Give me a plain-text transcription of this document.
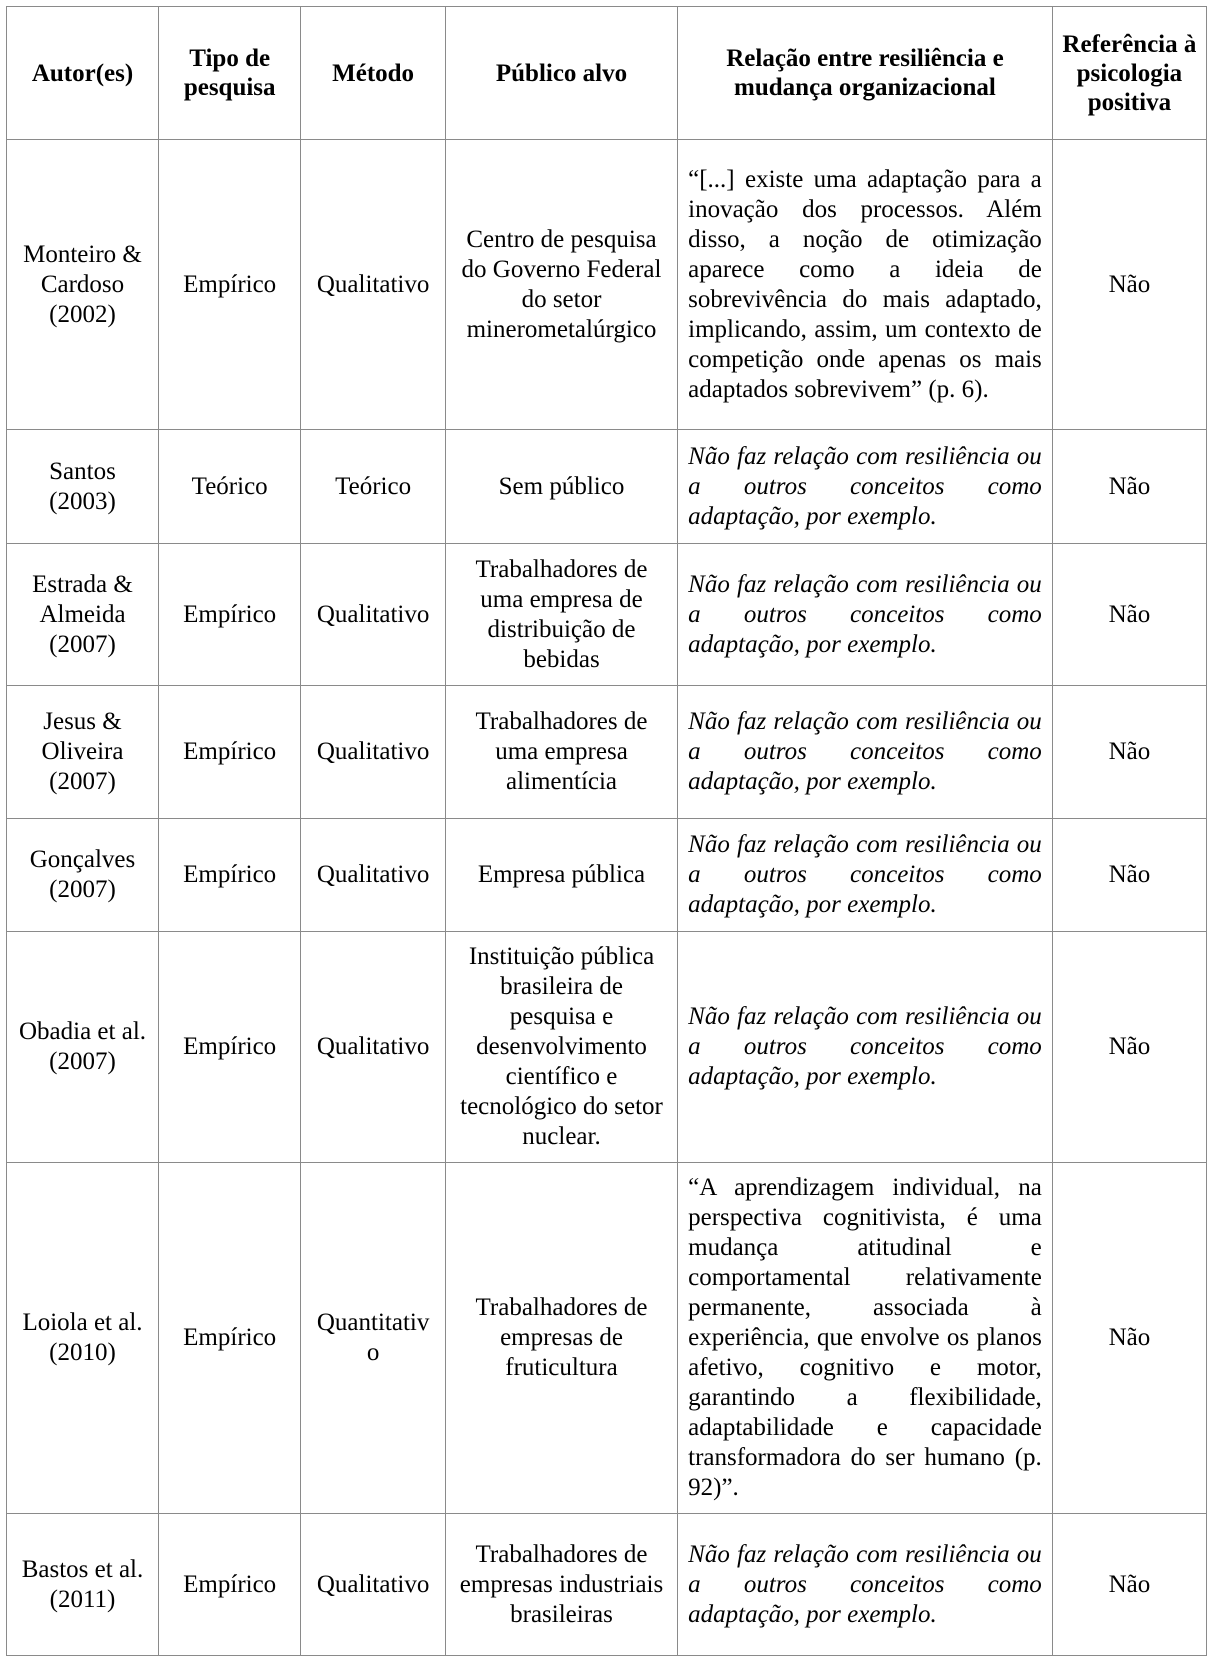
Autor(es)	Tipo de pesquisa	Método	Público alvo	Relação entre resiliência e mudança organizacional	Referência à psicologia positiva
Monteiro & Cardoso (2002)	Empírico	Qualitativo	Centro de pesquisa do Governo Federal do setor minerometalúrgico	“[...] existe uma adaptação para a inovação dos processos. Além disso, a noção de otimização aparece como a ideia de sobrevivência do mais adaptado, implicando, assim, um contexto de competição onde apenas os mais adaptados sobrevivem” (p. 6).	Não
Santos (2003)	Teórico	Teórico	Sem público	Não faz relação com resiliência ou a outros conceitos como adaptação, por exemplo.	Não
Estrada & Almeida (2007)	Empírico	Qualitativo	Trabalhadores de uma empresa de distribuição de bebidas	Não faz relação com resiliência ou a outros conceitos como adaptação, por exemplo.	Não
Jesus & Oliveira (2007)	Empírico	Qualitativo	Trabalhadores de uma empresa alimentícia	Não faz relação com resiliência ou a outros conceitos como adaptação, por exemplo.	Não
Gonçalves (2007)	Empírico	Qualitativo	Empresa pública	Não faz relação com resiliência ou a outros conceitos como adaptação, por exemplo.	Não
Obadia et al. (2007)	Empírico	Qualitativo	Instituição pública brasileira de pesquisa e desenvolvimento científico e tecnológico do setor nuclear.	Não faz relação com resiliência ou a outros conceitos como adaptação, por exemplo.	Não
Loiola et al. (2010)	Empírico	Quantitativo	Trabalhadores de empresas de fruticultura	“A aprendizagem individual, na perspectiva cognitivista, é uma mudança atitudinal e comportamental relativamente permanente, associada à experiência, que envolve os planos afetivo, cognitivo e motor, garantindo a flexibilidade, adaptabilidade e capacidade transformadora do ser humano (p. 92)”.	Não
Bastos et al. (2011)	Empírico	Qualitativo	Trabalhadores de empresas industriais brasileiras	Não faz relação com resiliência ou a outros conceitos como adaptação, por exemplo.	Não
